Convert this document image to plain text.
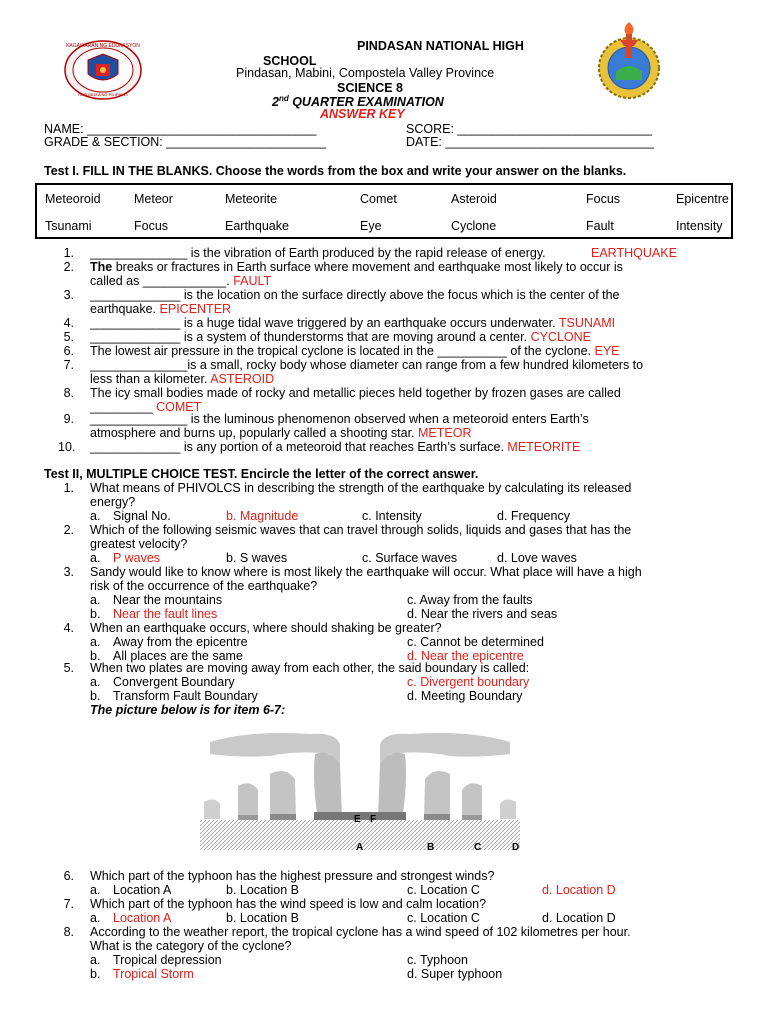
KAGAWARAN NG EDUKASYON
REPUBLIKA NG PILIPINAS
PINDASAN NATIONAL HIGH
SCHOOL
Pindasan, Mabini, Compostela Valley Province
SCIENCE 8
2nd QUARTER EXAMINATION
ANSWER KEY
NAME: _________________________________
GRADE & SECTION: _______________________
SCORE: ____________________________
DATE: ______________________________
Test I. FILL IN THE BLANKS. Choose the words from the box and write your answer on the blanks.
Meteoroid	Meteor	Meteorite	Comet	Asteroid	Focus	Epicentre
Tsunami	Focus	Earthquake	Eye	Cyclone	Fault	Intensity
1. ______________ is the vibration of Earth produced by the rapid release of energy.	EARTHQUAKE
2. The breaks or fractures in Earth surface where movement and earthquake most likely to occur is
called as ____________. FAULT
3. _____________ is the location on the surface directly above the focus which is the center of the
earthquake. EPICENTER
4. _____________ is a huge tidal wave triggered by an earthquake occurs underwater. TSUNAMI
5. _____________ is a system of thunderstorms that are moving around a center. CYCLONE
6. The lowest air pressure in the tropical cyclone is located in the __________ of the cyclone. EYE
7. ______________is a small, rocky body whose diameter can range from a few hundred kilometers to
less than a kilometer. ASTEROID
8. The icy small bodies made of rocky and metallic pieces held together by frozen gases are called
_________ COMET
9. ______________ is the luminous phenomenon observed when a meteoroid enters Earth’s
atmosphere and burns up, popularly called a shooting star. METEOR
10. _____________ is any portion of a meteoroid that reaches Earth’s surface. METEORITE
Test II, MULTIPLE CHOICE TEST. Encircle the letter of the correct answer.
1. What means of PHIVOLCS in describing the strength of the earthquake by calculating its released
energy?
a. Signal No.	b. Magnitude	c. Intensity	d. Frequency
2. Which of the following seismic waves that can travel through solids, liquids and gases that has the
greatest velocity?
a. P waves	b. S waves	c. Surface waves	d. Love waves
3. Sandy would like to know where is most likely the earthquake will occur. What place will have a high
risk of the occurrence of the earthquake?
a. Near the mountains	c. Away from the faults
b. Near the fault lines	d. Near the rivers and seas
4. When an earthquake occurs, where should shaking be greater?
a. Away from the epicentre	c. Cannot be determined
b. All places are the same	d. Near the epicentre
5. When two plates are moving away from each other, the said boundary is called:
a. Convergent Boundary	c. Divergent boundary
b. Transform Fault Boundary	d. Meeting Boundary
The picture below is for item 6-7:
E F
A	B	C	D
6. Which part of the typhoon has the highest pressure and strongest winds?
a. Location A	b. Location B	c. Location C	d. Location D
7. Which part of the typhoon has the wind speed is low and calm location?
a. Location A	b. Location B	c. Location C	d. Location D
8. According to the weather report, the tropical cyclone has a wind speed of 102 kilometres per hour.
What is the category of the cyclone?
a. Tropical depression	c. Typhoon
b. Tropical Storm	d. Super typhoon
